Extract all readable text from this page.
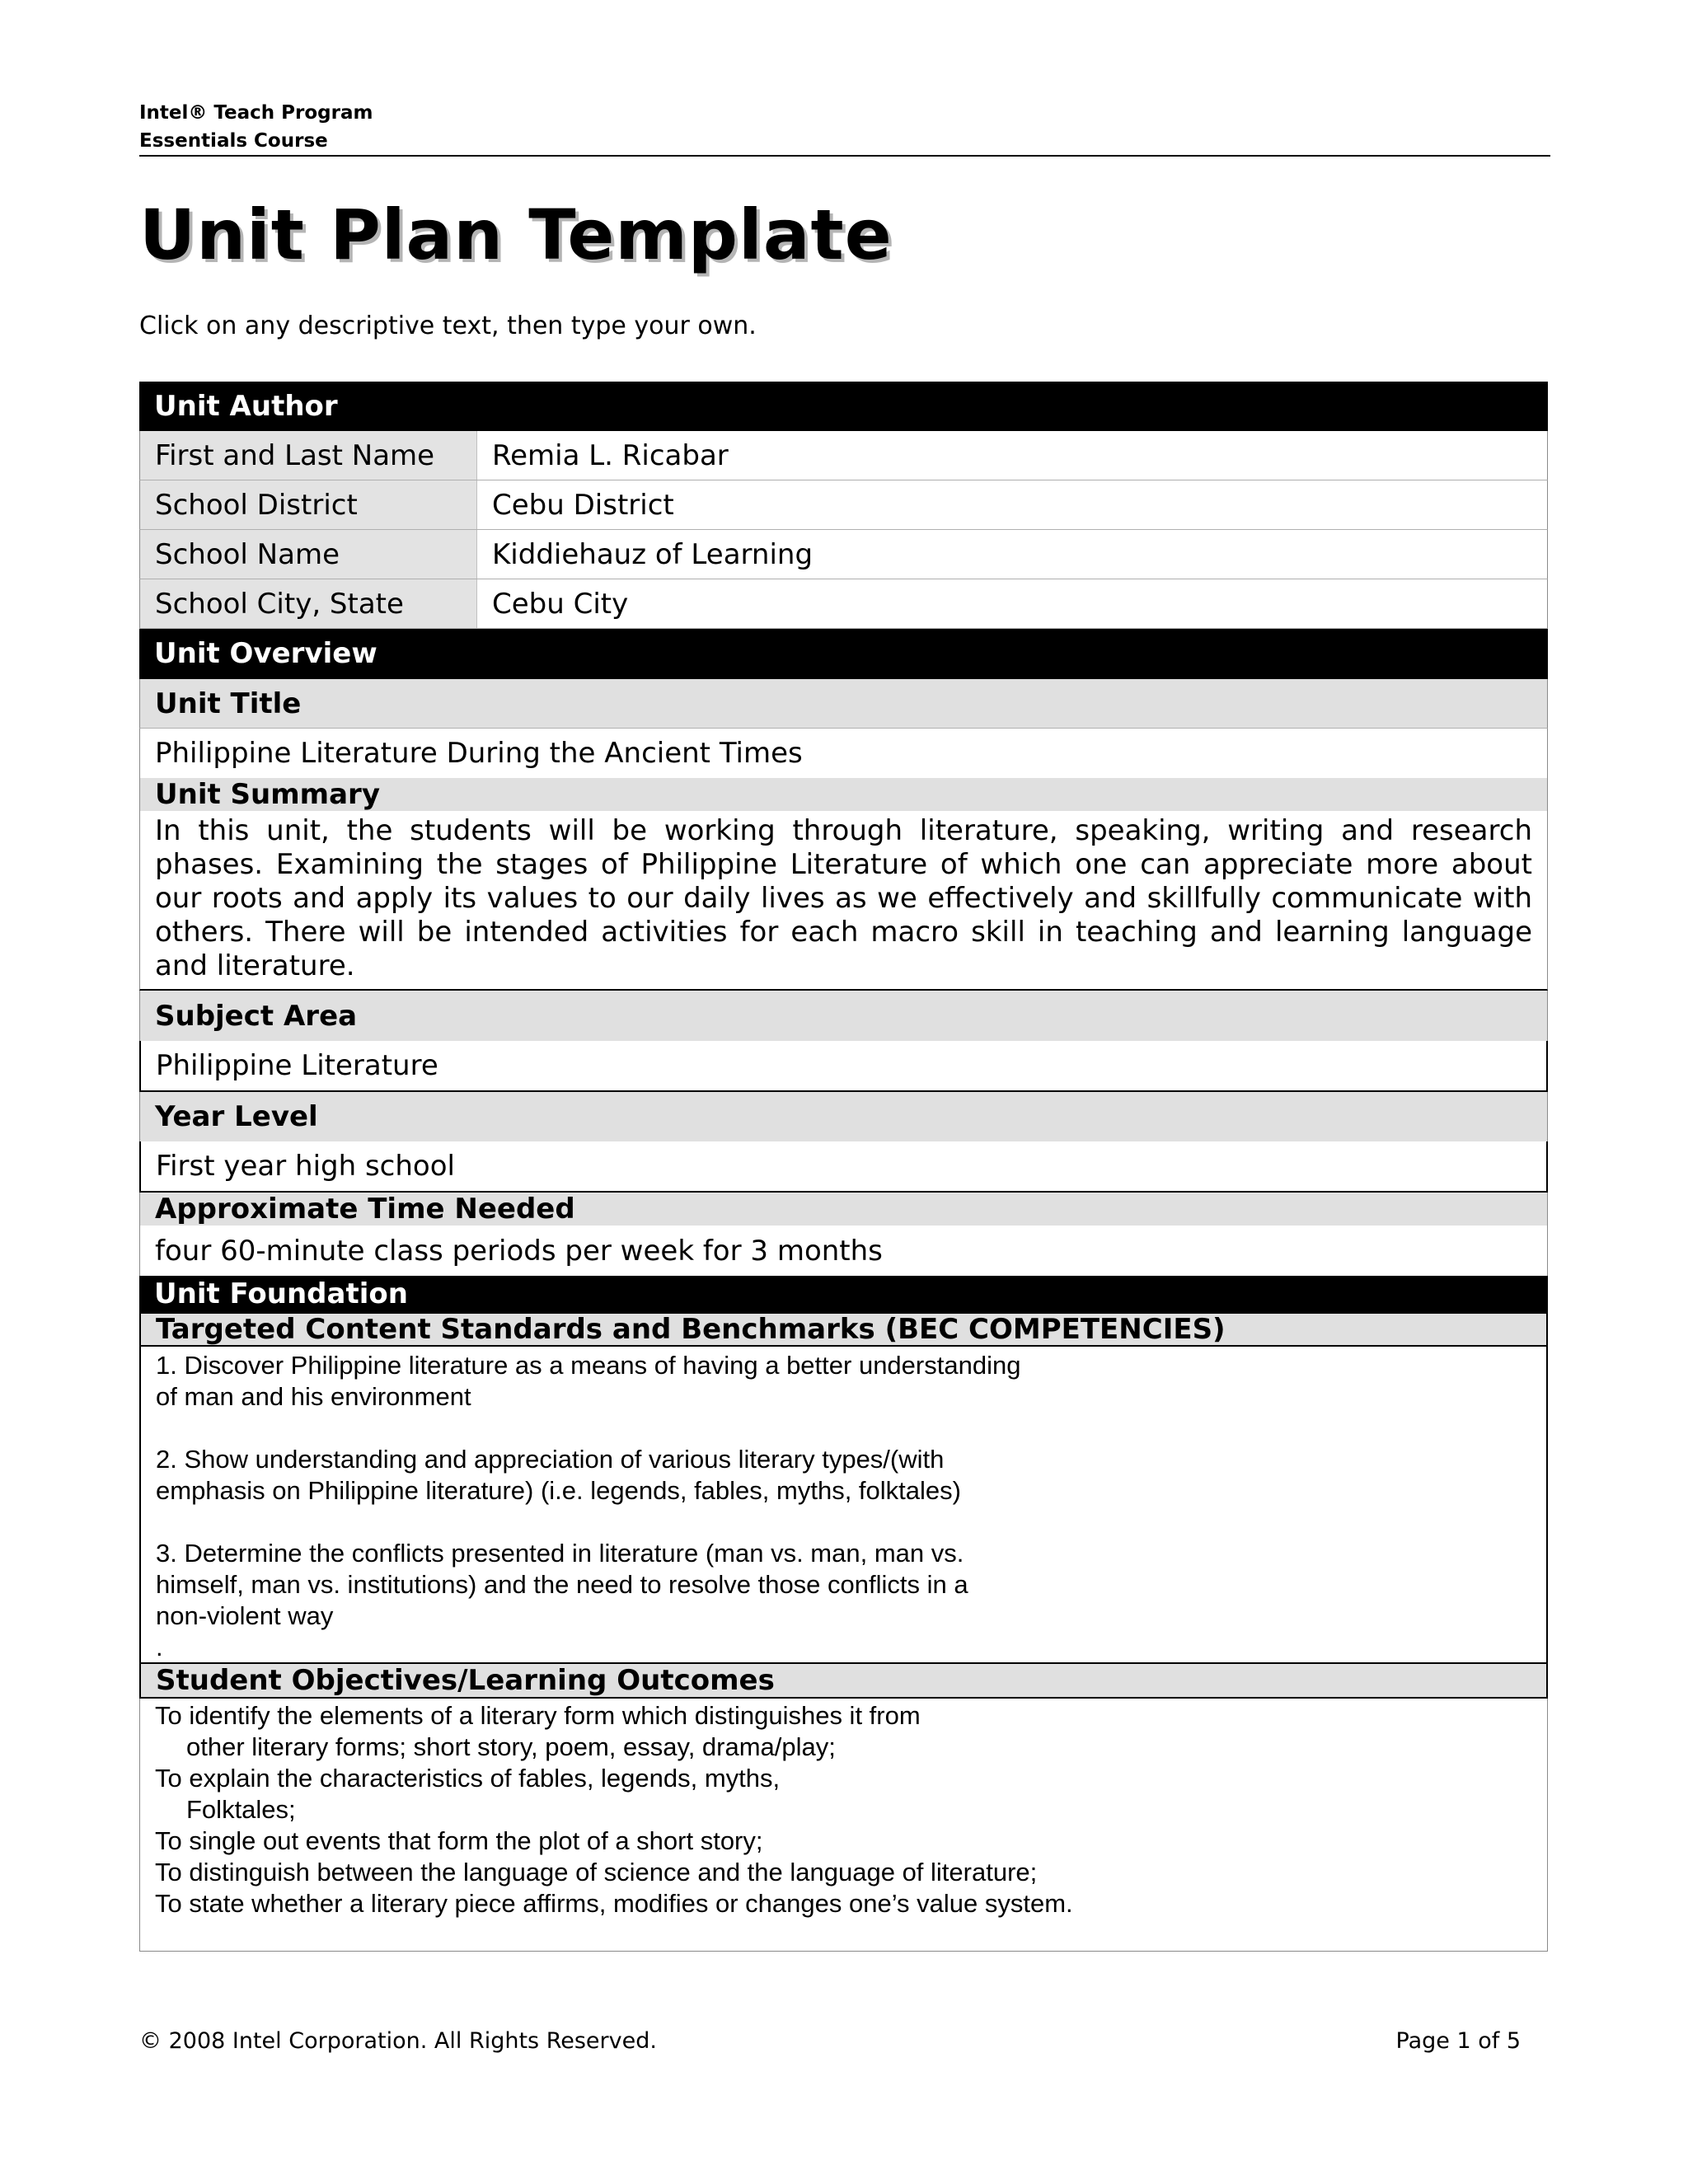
Intel® Teach Program
Essentials Course
Unit Plan Template
Click on any descriptive text, then type your own.
Unit Author
First and Last Name	Remia L. Ricabar
School District	Cebu District
School Name	Kiddiehauz of Learning
School City, State	Cebu City
Unit Overview
Unit Title
Philippine Literature During the Ancient Times
Unit Summary
In this unit, the students will be working through literature, speaking, writing and research phases. Examining the stages of Philippine Literature of which one can appreciate more about our roots and apply its values to our daily lives as we effectively and skillfully communicate with others. There will be intended activities for each macro skill in teaching and learning language and literature.
Subject Area
Philippine Literature
Year Level
First year high school
Approximate Time Needed
four 60-minute class periods per week for 3 months
Unit Foundation
Targeted Content Standards and Benchmarks (BEC COMPETENCIES)

1. Discover Philippine literature as a means of having a better understanding
of man and his environment

2. Show understanding and appreciation of various literary types/(with
emphasis on Philippine literature) (i.e. legends, fables, myths, folktales)

3. Determine the conflicts presented in literature (man vs. man, man vs.
himself, man vs. institutions) and the need to resolve those conflicts in a
non-violent way
.

Student Objectives/Learning Outcomes
To identify the elements of a literary form which distinguishes it from
other literary forms; short story, poem, essay, drama/play;
To explain the characteristics of fables, legends, myths,
Folktales;
To single out events that form the plot of a short story;
To distinguish between the language of science and the language of literature;
To state whether a literary piece affirms, modifies or changes one’s value system.
© 2008 Intel Corporation. All Rights Reserved.	Page 1 of 5
